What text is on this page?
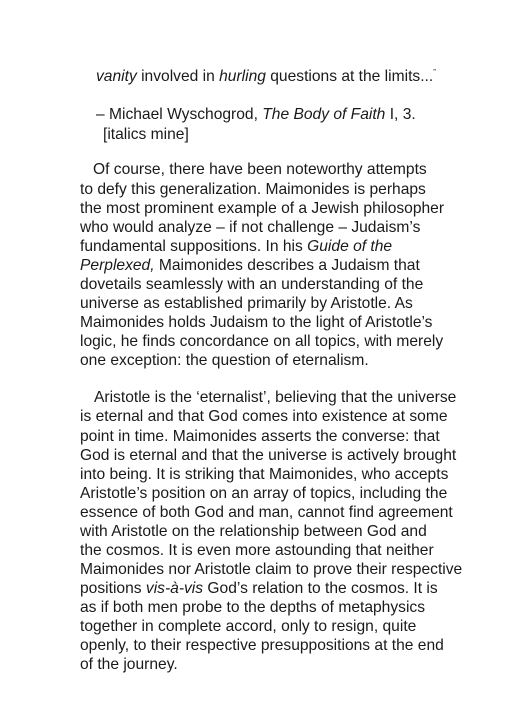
vanity involved in hurling questions at the limits...”
– Michael Wyschogrod, The Body of Faith I, 3.
[italics mine]
Of course, there have been noteworthy attempts
to defy this generalization. Maimonides is perhaps
the most prominent example of a Jewish philosopher
who would analyze – if not challenge – Judaism’s
fundamental suppositions. In his Guide of the
Perplexed, Maimonides describes a Judaism that
dovetails seamlessly with an understanding of the
universe as established primarily by Aristotle. As
Maimonides holds Judaism to the light of Aristotle’s
logic, he finds concordance on all topics, with merely
one exception: the question of eternalism.
Aristotle is the ‘eternalist’, believing that the universe
is eternal and that God comes into existence at some
point in time. Maimonides asserts the converse: that
God is eternal and that the universe is actively brought
into being. It is striking that Maimonides, who accepts
Aristotle’s position on an array of topics, including the
essence of both God and man, cannot find agreement
with Aristotle on the relationship between God and
the cosmos. It is even more astounding that neither
Maimonides nor Aristotle claim to prove their respective
positions vis-à-vis God’s relation to the cosmos. It is
as if both men probe to the depths of metaphysics
together in complete accord, only to resign, quite
openly, to their respective presuppositions at the end
of the journey.
